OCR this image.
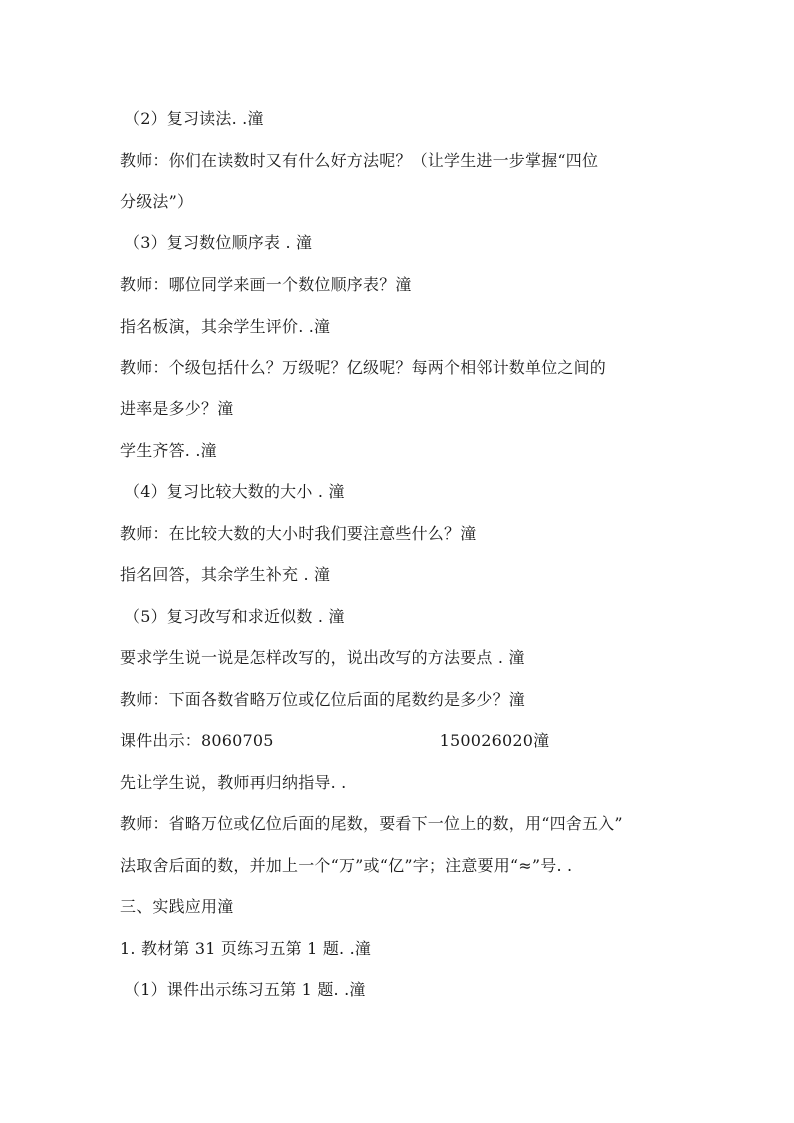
（2）复习读法. .潼
教师：你们在读数时又有什么好方法呢？（让学生进一步掌握“四位
分级法”）
（3）复习数位顺序表 . 潼
教师：哪位同学来画一个数位顺序表？潼
指名板演，其余学生评价. .潼
教师：个级包括什么？万级呢？亿级呢？每两个相邻计数单位之间的
进率是多少？潼
学生齐答. .潼
（4）复习比较大数的大小 . 潼
教师：在比较大数的大小时我们要注意些什么？潼
指名回答，其余学生补充 . 潼
（5）复习改写和求近似数 . 潼
要求学生说一说是怎样改写的，说出改写的方法要点 . 潼
教师：下面各数省略万位或亿位后面的尾数约是多少？潼
课件出示：8060705	150026020潼
先让学生说，教师再归纳指导. .
教师：省略万位或亿位后面的尾数，要看下一位上的数，用“四舍五入”
法取舍后面的数，并加上一个“万”或“亿”字；注意要用“≈”号. .
三、实践应用潼
1. 教材第 31 页练习五第 1 题. .潼
（1）课件出示练习五第 1 题. .潼
